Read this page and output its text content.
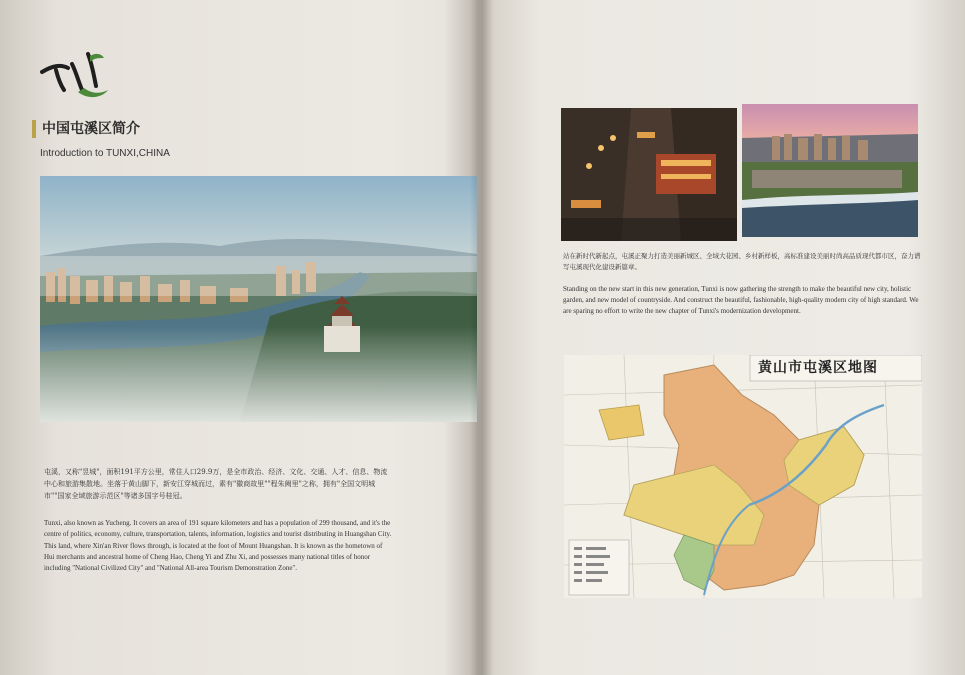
中国屯溪区简介
Introduction to TUNXI,CHINA
屯溪，又称"昱城"，面积191平方公里，常住人口29.9万，是全市政治、经济、文化、交通、人才、信息、物流中心和旅游集散地。坐落于黄山脚下，新安江穿城而过，素有"徽商故里""程朱阙里"之称，拥有"全国文明城市""国家全域旅游示范区"等诸多国字号桂冠。
Tunxi, also known as Yucheng. It covers an area of 191 square kilometers and has a population of 299 thousand, and it's the centre of politics, economy, culture, transportation, talents, information, logistics and tourist distributing in Huangshan City. This land, where Xin'an River flows through, is located at the foot of Mount Huangshan. It is known as the hometown of Hui merchants and ancestral home of Cheng Hao, Cheng Yi and Zhu Xi, and possesses many national titles of honor including "National Civilized City" and "National All-area Tourism Demonstration Zone".
站在新时代新起点，屯溪正聚力打造美丽新城区、全域大花园、乡村新样板，高标准建设美丽时尚高品质现代都市区，奋力谱写屯溪现代化建设新篇章。
Standing on the new start in this new generation, Tunxi is now gathering the strength to make the beautiful new city, holistic garden, and new model of countryside. And construct the beautiful, fashionable, high-quality modern city of high standard. We are sparing no effort to write the new chapter of Tunxi's modernization development.
黄山市屯溪区地图
